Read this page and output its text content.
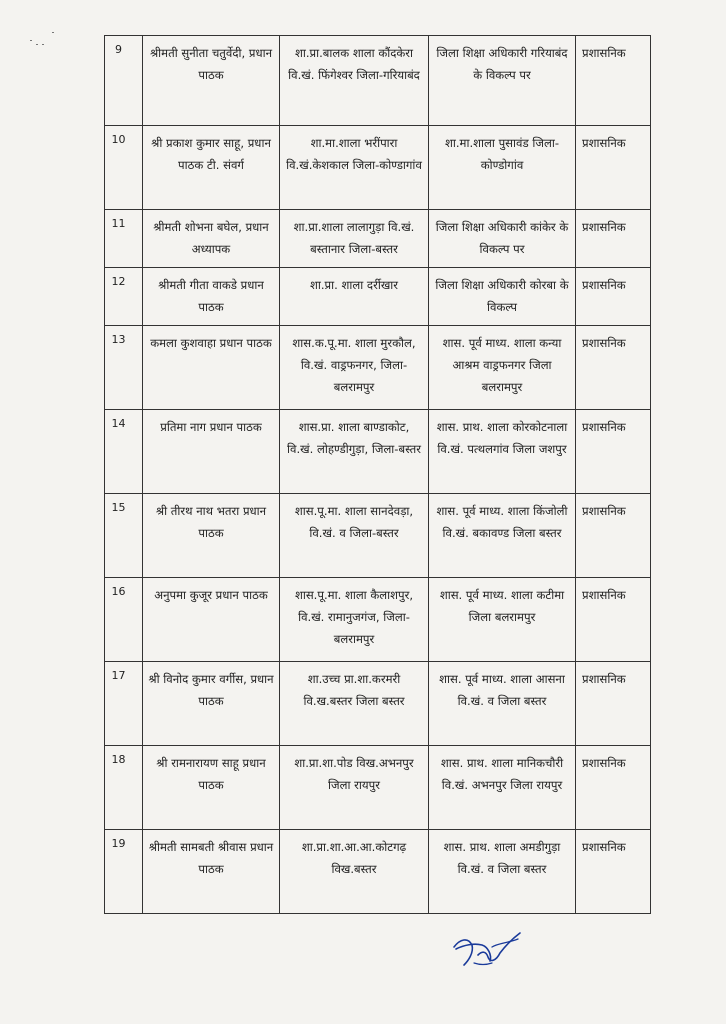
9	श्रीमती सुनीता चतुर्वेदी, प्रधान पाठक	शा.प्रा.बालक शाला कौंदकेरा वि.खं. फिंगेश्वर जिला-गरियाबंद	जिला शिक्षा अधिकारी गरियाबंद के विकल्प पर	प्रशासनिक
10	श्री प्रकाश कुमार साहू, प्रधान पाठक टी. संवर्ग	शा.मा.शाला भरींपारा वि.खं.केशकाल जिला-कोण्डागांव	शा.मा.शाला पुसावंड जिला-कोण्डोगांव	प्रशासनिक
11	श्रीमती शोभना बघेल, प्रधान अध्यापक	शा.प्रा.शाला लालागुड़ा वि.खं. बस्तानार जिला-बस्तर	जिला शिक्षा अधिकारी कांकेर के विकल्प पर	प्रशासनिक
12	श्रीमती गीता वाकडे प्रधान पाठक	शा.प्रा. शाला दर्रीखार	जिला शिक्षा अधिकारी कोरबा के विकल्प	प्रशासनिक
13	कमला कुशवाहा प्रधान पाठक	शास.क.पू.मा. शाला मुरकौल, वि.खं. वाड्रफनगर, जिला-बलरामपुर	शास. पूर्व माध्य. शाला कन्या आश्रम वाड्रफनगर जिला बलरामपुर	प्रशासनिक
14	प्रतिमा नाग प्रधान पाठक	शास.प्रा. शाला बाण्डाकोट, वि.खं. लोहण्डीगुड़ा, जिला-बस्तर	शास. प्राथ. शाला कोरकोटनाला वि.खं. पत्थलगांव जिला जशपुर	प्रशासनिक
15	श्री तीरथ नाथ भतरा प्रधान पाठक	शास.पू.मा. शाला सानदेवड़ा, वि.खं. व जिला-बस्तर	शास. पूर्व माध्य. शाला किंजोली वि.खं. बकावण्ड जिला बस्तर	प्रशासनिक
16	अनुपमा कुजूर प्रधान पाठक	शास.पू.मा. शाला कैलाशपुर, वि.खं. रामानुजगंज, जिला-बलरामपुर	शास. पूर्व माध्य. शाला कटीमा जिला बलरामपुर	प्रशासनिक
17	श्री विनोद कुमार वर्गीस, प्रधान पाठक	शा.उच्च प्रा.शा.करमरी वि.ख.बस्तर जिला बस्तर	शास. पूर्व माध्य. शाला आसना वि.खं. व जिला बस्तर	प्रशासनिक
18	श्री रामनारायण साहू प्रधान पाठक	शा.प्रा.शा.पोड विख.अभनपुर जिला रायपुर	शास. प्राथ. शाला मानिकचौरी वि.खं. अभनपुर जिला रायपुर	प्रशासनिक
19	श्रीमती सामबती श्रीवास प्रधान पाठक	शा.प्रा.शा.आ.आ.कोटगढ़ विख.बस्तर	शास. प्राथ. शाला अमडीगुड़ा वि.खं. व जिला बस्तर	प्रशासनिक
